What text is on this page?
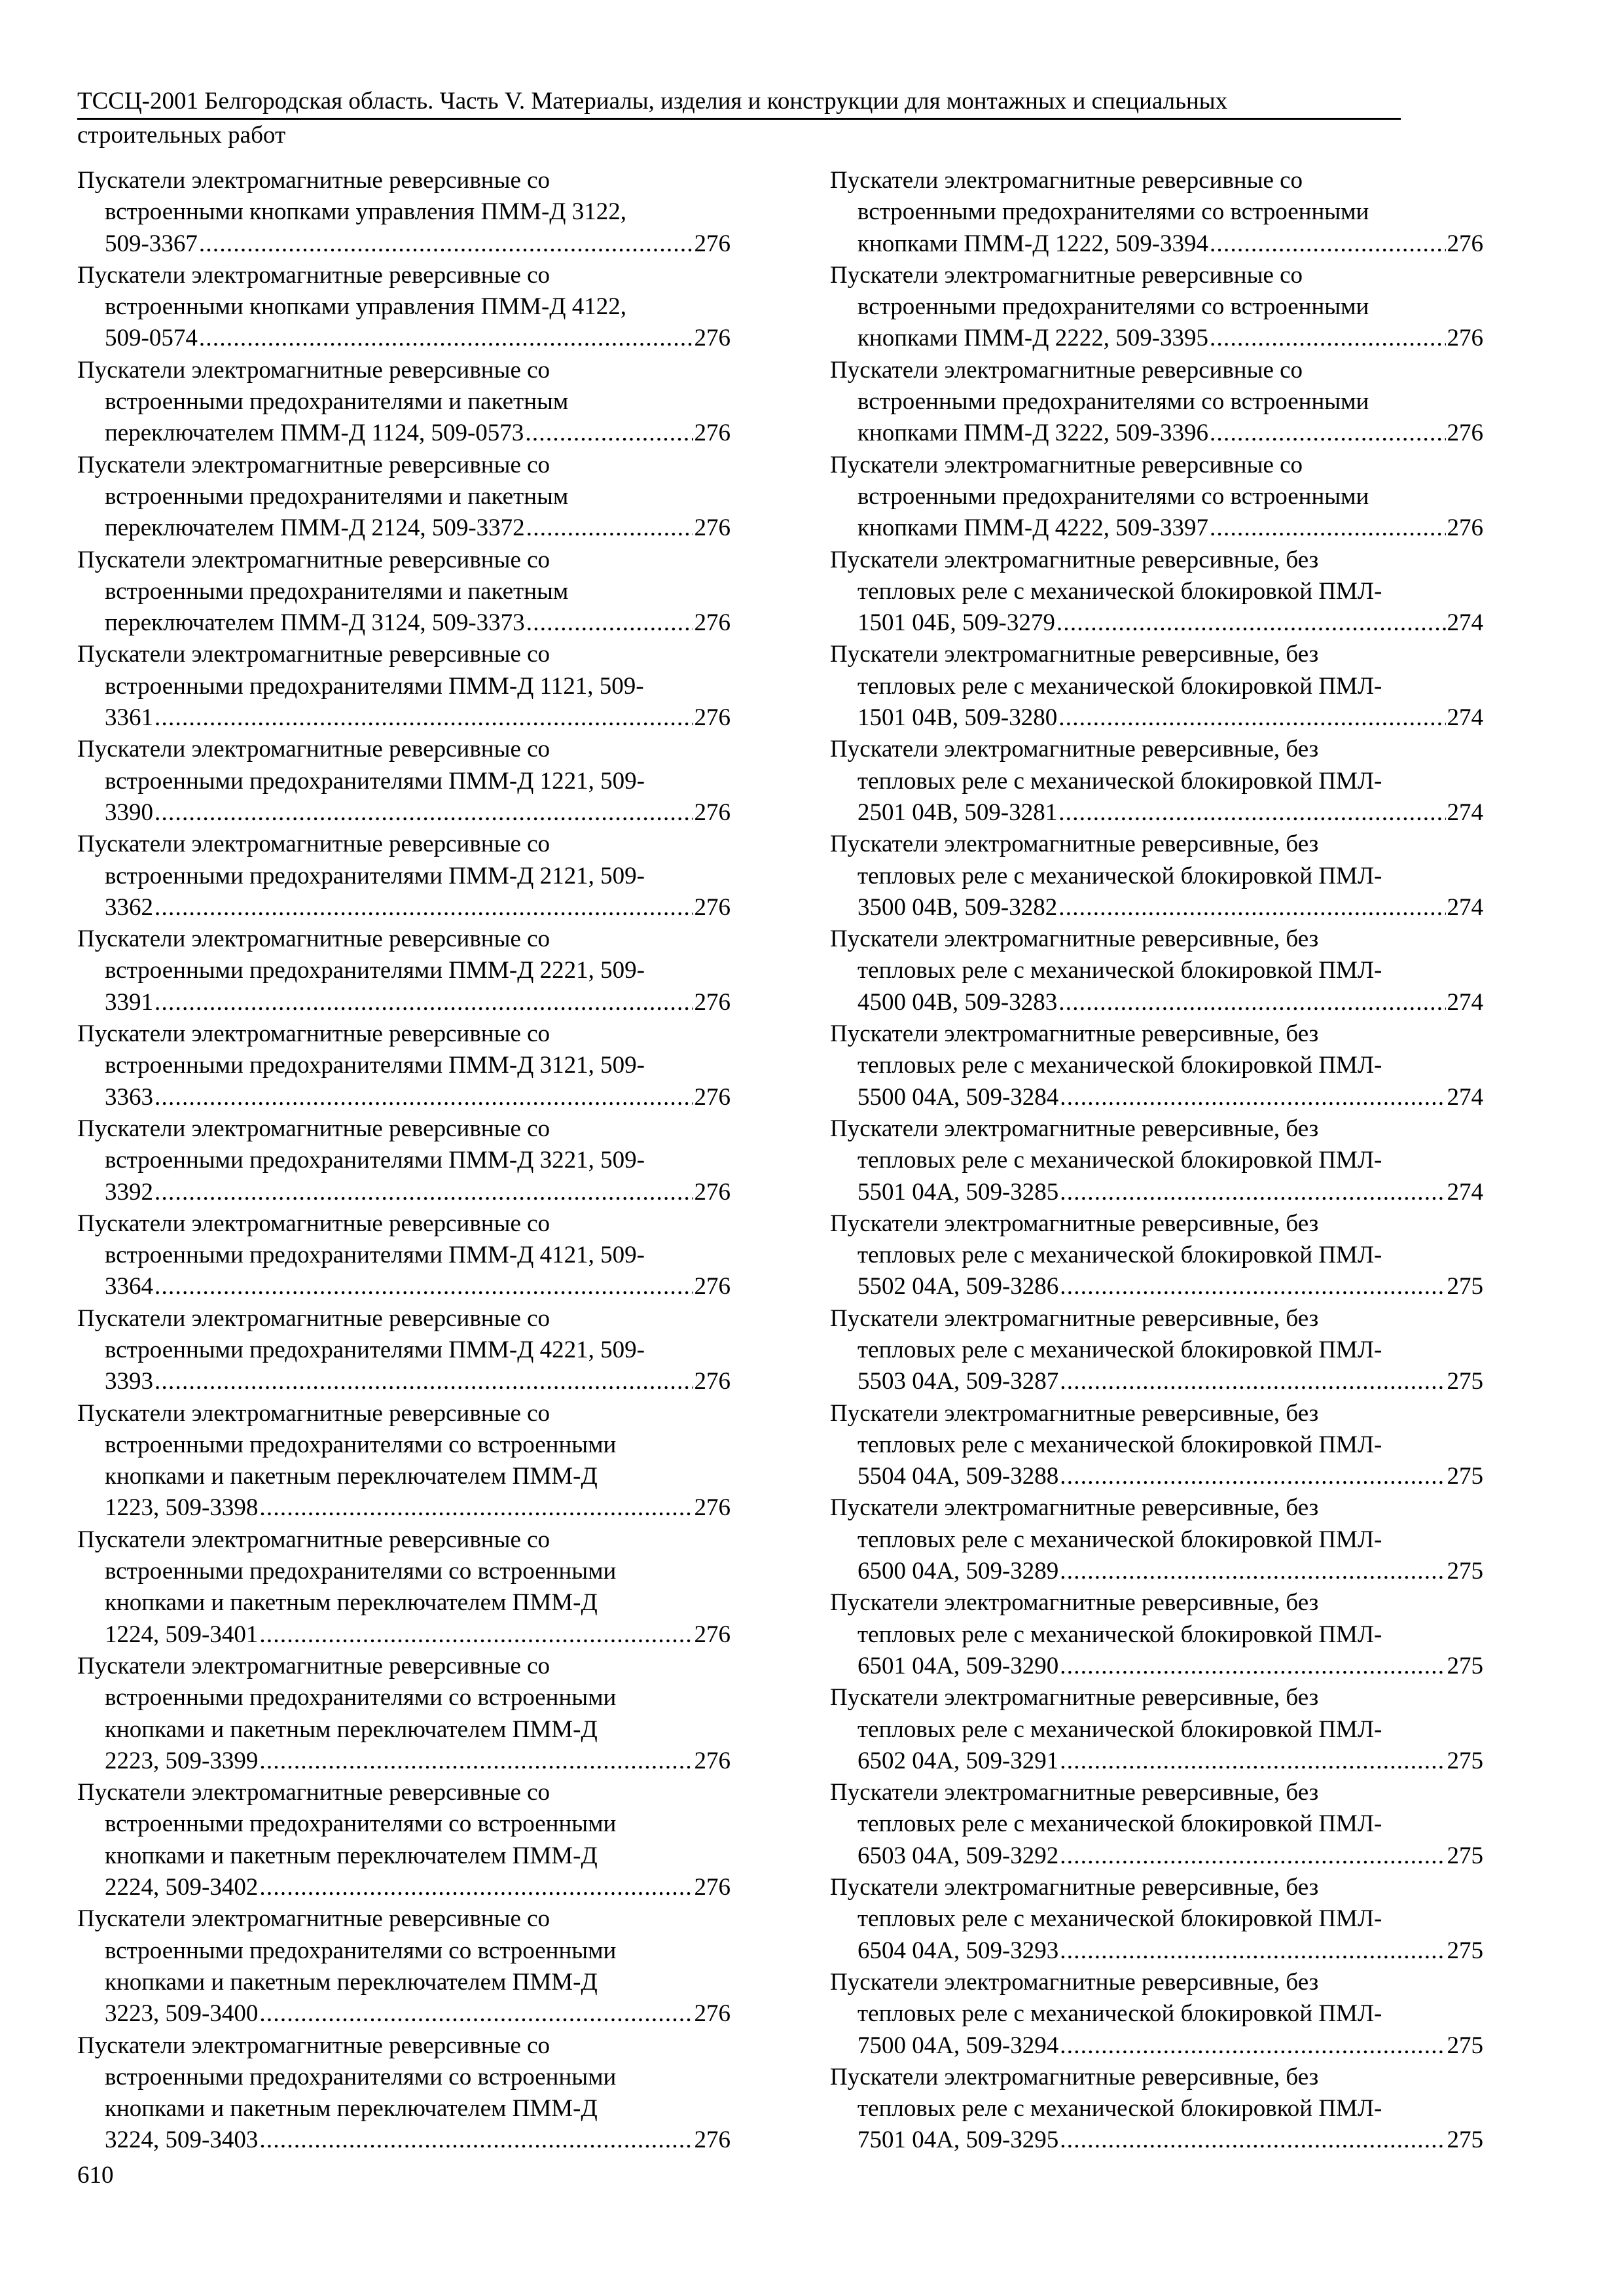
ТССЦ-2001 Белгородская область. Часть V. Материалы, изделия и конструкции для монтажных и специальных
строительных работ
Пускатели электромагнитные реверсивные со
встроенными кнопками управления ПММ-Д 3122,
509-3367 . . .	276
Пускатели электромагнитные реверсивные со
встроенными кнопками управления ПММ-Д 4122,
509-0574 . . .	276
Пускатели электромагнитные реверсивные со
встроенными предохранителями и пакетным
переключателем ПММ-Д 1124, 509-0573 . . .	276
Пускатели электромагнитные реверсивные со
встроенными предохранителями и пакетным
переключателем ПММ-Д 2124, 509-3372 . . .	276
Пускатели электромагнитные реверсивные со
встроенными предохранителями и пакетным
переключателем ПММ-Д 3124, 509-3373 . . .	276
Пускатели электромагнитные реверсивные со
встроенными предохранителями ПММ-Д 1121, 509-
3361 . . .	276
Пускатели электромагнитные реверсивные со
встроенными предохранителями ПММ-Д 1221, 509-
3390 . . .	276
Пускатели электромагнитные реверсивные со
встроенными предохранителями ПММ-Д 2121, 509-
3362 . . .	276
Пускатели электромагнитные реверсивные со
встроенными предохранителями ПММ-Д 2221, 509-
3391 . . .	276
Пускатели электромагнитные реверсивные со
встроенными предохранителями ПММ-Д 3121, 509-
3363 . . .	276
Пускатели электромагнитные реверсивные со
встроенными предохранителями ПММ-Д 3221, 509-
3392 . . .	276
Пускатели электромагнитные реверсивные со
встроенными предохранителями ПММ-Д 4121, 509-
3364 . . .	276
Пускатели электромагнитные реверсивные со
встроенными предохранителями ПММ-Д 4221, 509-
3393 . . .	276
Пускатели электромагнитные реверсивные со
встроенными предохранителями со встроенными
кнопками и пакетным переключателем ПММ-Д
1223, 509-3398 . . .	276
Пускатели электромагнитные реверсивные со
встроенными предохранителями со встроенными
кнопками и пакетным переключателем ПММ-Д
1224, 509-3401 . . .	276
Пускатели электромагнитные реверсивные со
встроенными предохранителями со встроенными
кнопками и пакетным переключателем ПММ-Д
2223, 509-3399 . . .	276
Пускатели электромагнитные реверсивные со
встроенными предохранителями со встроенными
кнопками и пакетным переключателем ПММ-Д
2224, 509-3402 . . .	276
Пускатели электромагнитные реверсивные со
встроенными предохранителями со встроенными
кнопками и пакетным переключателем ПММ-Д
3223, 509-3400 . . .	276
Пускатели электромагнитные реверсивные со
встроенными предохранителями со встроенными
кнопками и пакетным переключателем ПММ-Д
3224, 509-3403 . . .	276
Пускатели электромагнитные реверсивные со
встроенными предохранителями со встроенными
кнопками ПММ-Д 1222, 509-3394 . . .	276
Пускатели электромагнитные реверсивные со
встроенными предохранителями со встроенными
кнопками ПММ-Д 2222, 509-3395 . . .	276
Пускатели электромагнитные реверсивные со
встроенными предохранителями со встроенными
кнопками ПММ-Д 3222, 509-3396 . . .	276
Пускатели электромагнитные реверсивные со
встроенными предохранителями со встроенными
кнопками ПММ-Д 4222, 509-3397 . . .	276
Пускатели электромагнитные реверсивные, без
тепловых реле с механической блокировкой ПМЛ-
1501 04Б, 509-3279 . . .	274
Пускатели электромагнитные реверсивные, без
тепловых реле с механической блокировкой ПМЛ-
1501 04В, 509-3280 . . .	274
Пускатели электромагнитные реверсивные, без
тепловых реле с механической блокировкой ПМЛ-
2501 04В, 509-3281 . . .	274
Пускатели электромагнитные реверсивные, без
тепловых реле с механической блокировкой ПМЛ-
3500 04В, 509-3282 . . .	274
Пускатели электромагнитные реверсивные, без
тепловых реле с механической блокировкой ПМЛ-
4500 04В, 509-3283 . . .	274
Пускатели электромагнитные реверсивные, без
тепловых реле с механической блокировкой ПМЛ-
5500 04А, 509-3284 . . .	274
Пускатели электромагнитные реверсивные, без
тепловых реле с механической блокировкой ПМЛ-
5501 04А, 509-3285 . . .	274
Пускатели электромагнитные реверсивные, без
тепловых реле с механической блокировкой ПМЛ-
5502 04А, 509-3286 . . .	275
Пускатели электромагнитные реверсивные, без
тепловых реле с механической блокировкой ПМЛ-
5503 04А, 509-3287 . . .	275
Пускатели электромагнитные реверсивные, без
тепловых реле с механической блокировкой ПМЛ-
5504 04А, 509-3288 . . .	275
Пускатели электромагнитные реверсивные, без
тепловых реле с механической блокировкой ПМЛ-
6500 04А, 509-3289 . . .	275
Пускатели электромагнитные реверсивные, без
тепловых реле с механической блокировкой ПМЛ-
6501 04А, 509-3290 . . .	275
Пускатели электромагнитные реверсивные, без
тепловых реле с механической блокировкой ПМЛ-
6502 04А, 509-3291 . . .	275
Пускатели электромагнитные реверсивные, без
тепловых реле с механической блокировкой ПМЛ-
6503 04А, 509-3292 . . .	275
Пускатели электромагнитные реверсивные, без
тепловых реле с механической блокировкой ПМЛ-
6504 04А, 509-3293 . . .	275
Пускатели электромагнитные реверсивные, без
тепловых реле с механической блокировкой ПМЛ-
7500 04А, 509-3294 . . .	275
Пускатели электромагнитные реверсивные, без
тепловых реле с механической блокировкой ПМЛ-
7501 04А, 509-3295 . . .	275
610
